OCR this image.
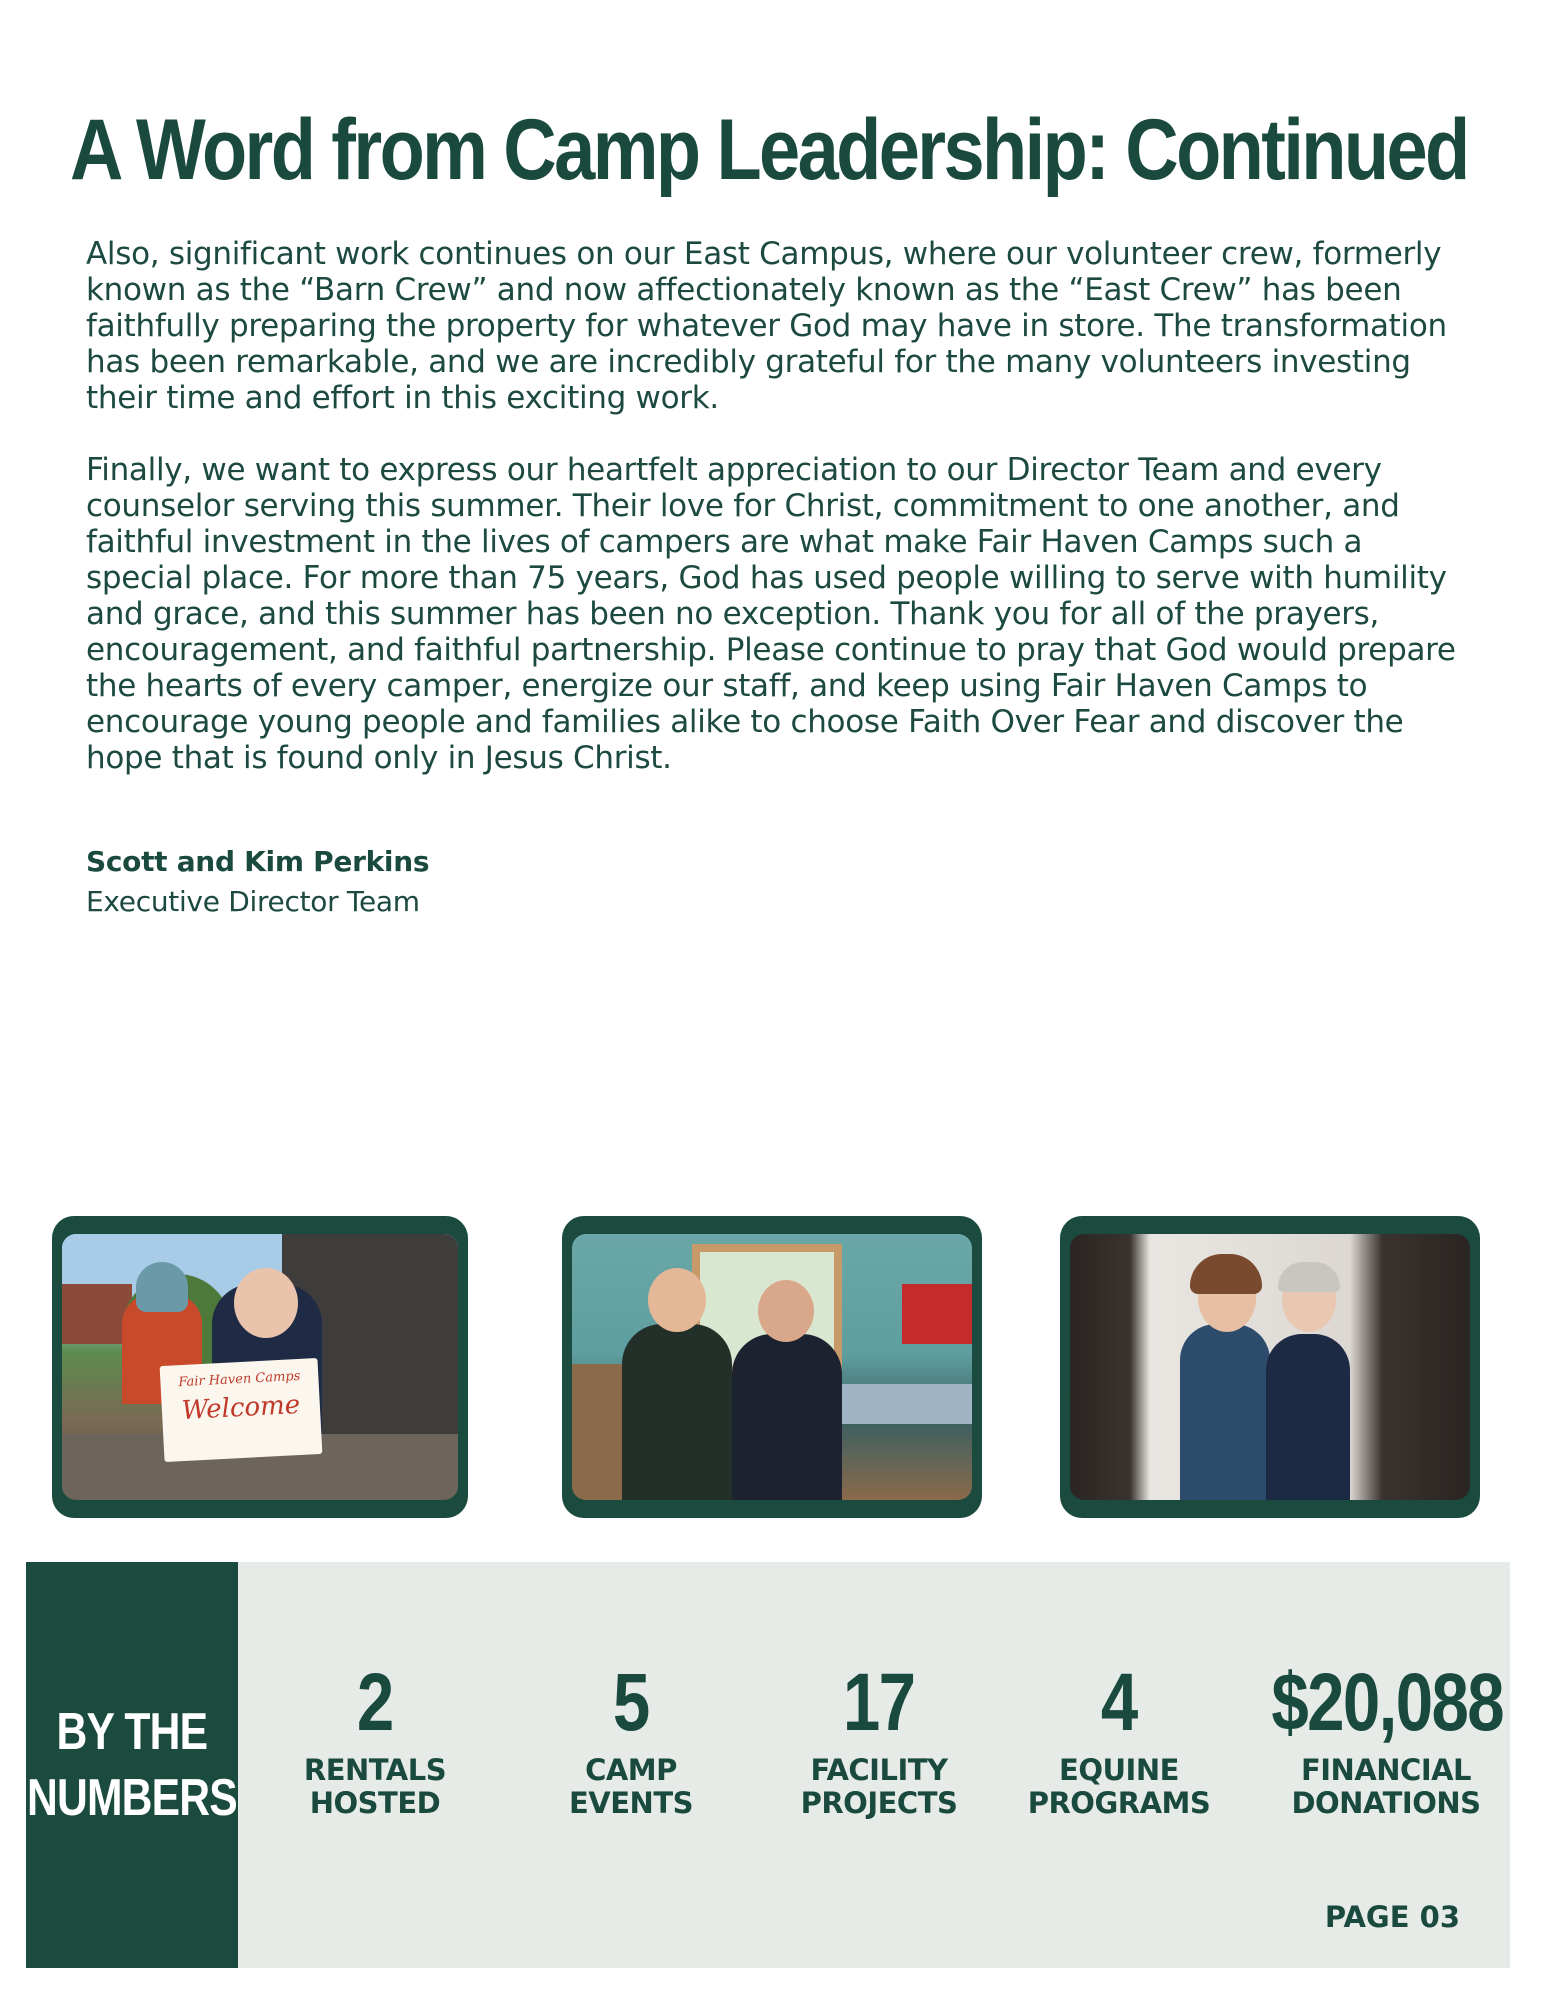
A Word from Camp Leadership: Continued

Also, significant work continues on our East Campus, where our volunteer crew, formerly known as the “Barn Crew” and now affectionately known as the “East Crew” has been faithfully preparing the property for whatever God may have in store. The transformation has been remarkable, and we are incredibly grateful for the many volunteers investing their time and effort in this exciting work.

Finally, we want to express our heartfelt appreciation to our Director Team and every counselor serving this summer. Their love for Christ, commitment to one another, and faithful investment in the lives of campers are what make Fair Haven Camps such a special place. For more than 75 years, God has used people willing to serve with humility and grace, and this summer has been no exception. Thank you for all of the prayers, encouragement, and faithful partnership. Please continue to pray that God would prepare the hearts of every camper, energize our staff, and keep using Fair Haven Camps to encourage young people and families alike to choose Faith Over Fear and discover the hope that is found only in Jesus Christ.

Scott and Kim Perkins
Executive Director Team
Fair Haven Camps
Welcome
BY THE
NUMBERS
2
RENTALS
HOSTED
5
CAMP
EVENTS
17
FACILITY
PROJECTS
4
EQUINE
PROGRAMS
$20,088
FINANCIAL
DONATIONS
PAGE 03
